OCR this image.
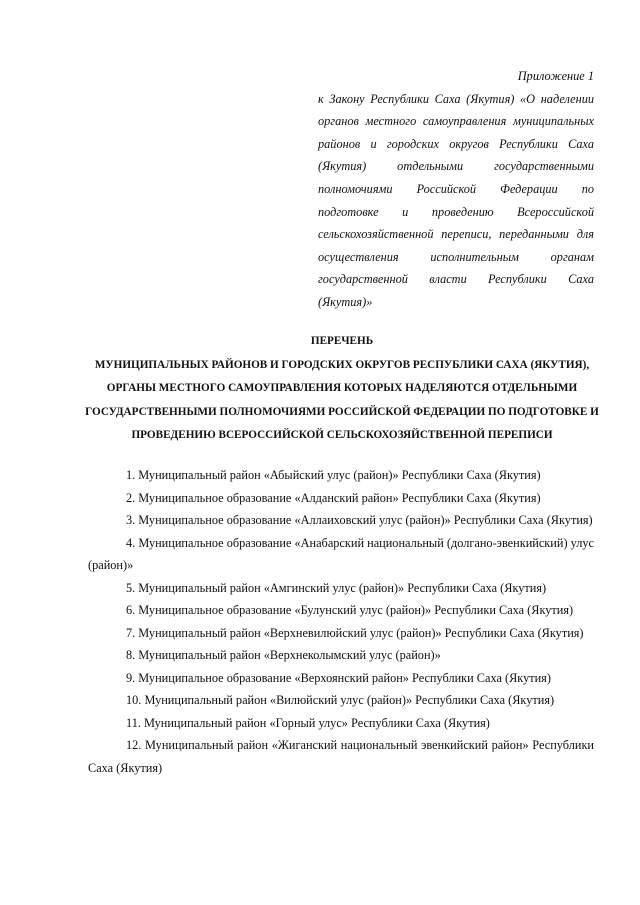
Приложение 1

к Закону Республики Саха (Якутия) «О наделении органов местного самоуправления муниципальных районов и городских округов Республики Саха (Якутия) отдельными государственными полномочиями Российской Федерации по подготовке и проведению Всероссийской сельскохозяйственной переписи, переданными для осуществления исполнительным органам государственной власти Республики Саха (Якутия)»

ПЕРЕЧЕНЬ

МУНИЦИПАЛЬНЫХ РАЙОНОВ И ГОРОДСКИХ ОКРУГОВ РЕСПУБЛИКИ САХА (ЯКУТИЯ),

ОРГАНЫ МЕСТНОГО САМОУПРАВЛЕНИЯ КОТОРЫХ НАДЕЛЯЮТСЯ ОТДЕЛЬНЫМИ

ГОСУДАРСТВЕННЫМИ ПОЛНОМОЧИЯМИ РОССИЙСКОЙ ФЕДЕРАЦИИ ПО ПОДГОТОВКЕ И

ПРОВЕДЕНИЮ ВСЕРОССИЙСКОЙ СЕЛЬСКОХОЗЯЙСТВЕННОЙ ПЕРЕПИСИ

1. Муниципальный район «Абыйский улус (район)» Республики Саха (Якутия)

2. Муниципальное образование «Алданский район» Республики Саха (Якутия)

3. Муниципальное образование «Аллаиховский улус (район)» Республики Саха (Якутия)

4. Муниципальное образование «Анабарский национальный (долгано-эвенкийский) улус (район)»

5. Муниципальный район «Амгинский улус (район)» Республики Саха (Якутия)

6. Муниципальное образование «Булунский улус (район)» Республики Саха (Якутия)

7. Муниципальный район «Верхневилюйский улус (район)» Республики Саха (Якутия)

8. Муниципальный район «Верхнеколымский улус (район)»

9. Муниципальное образование «Верхоянский район» Республики Саха (Якутия)

10. Муниципальный район «Вилюйский улус (район)» Республики Саха (Якутия)

11. Муниципальный район «Горный улус» Республики Саха (Якутия)

12. Муниципальный район «Жиганский национальный эвенкийский район» Республики Саха (Якутия)
